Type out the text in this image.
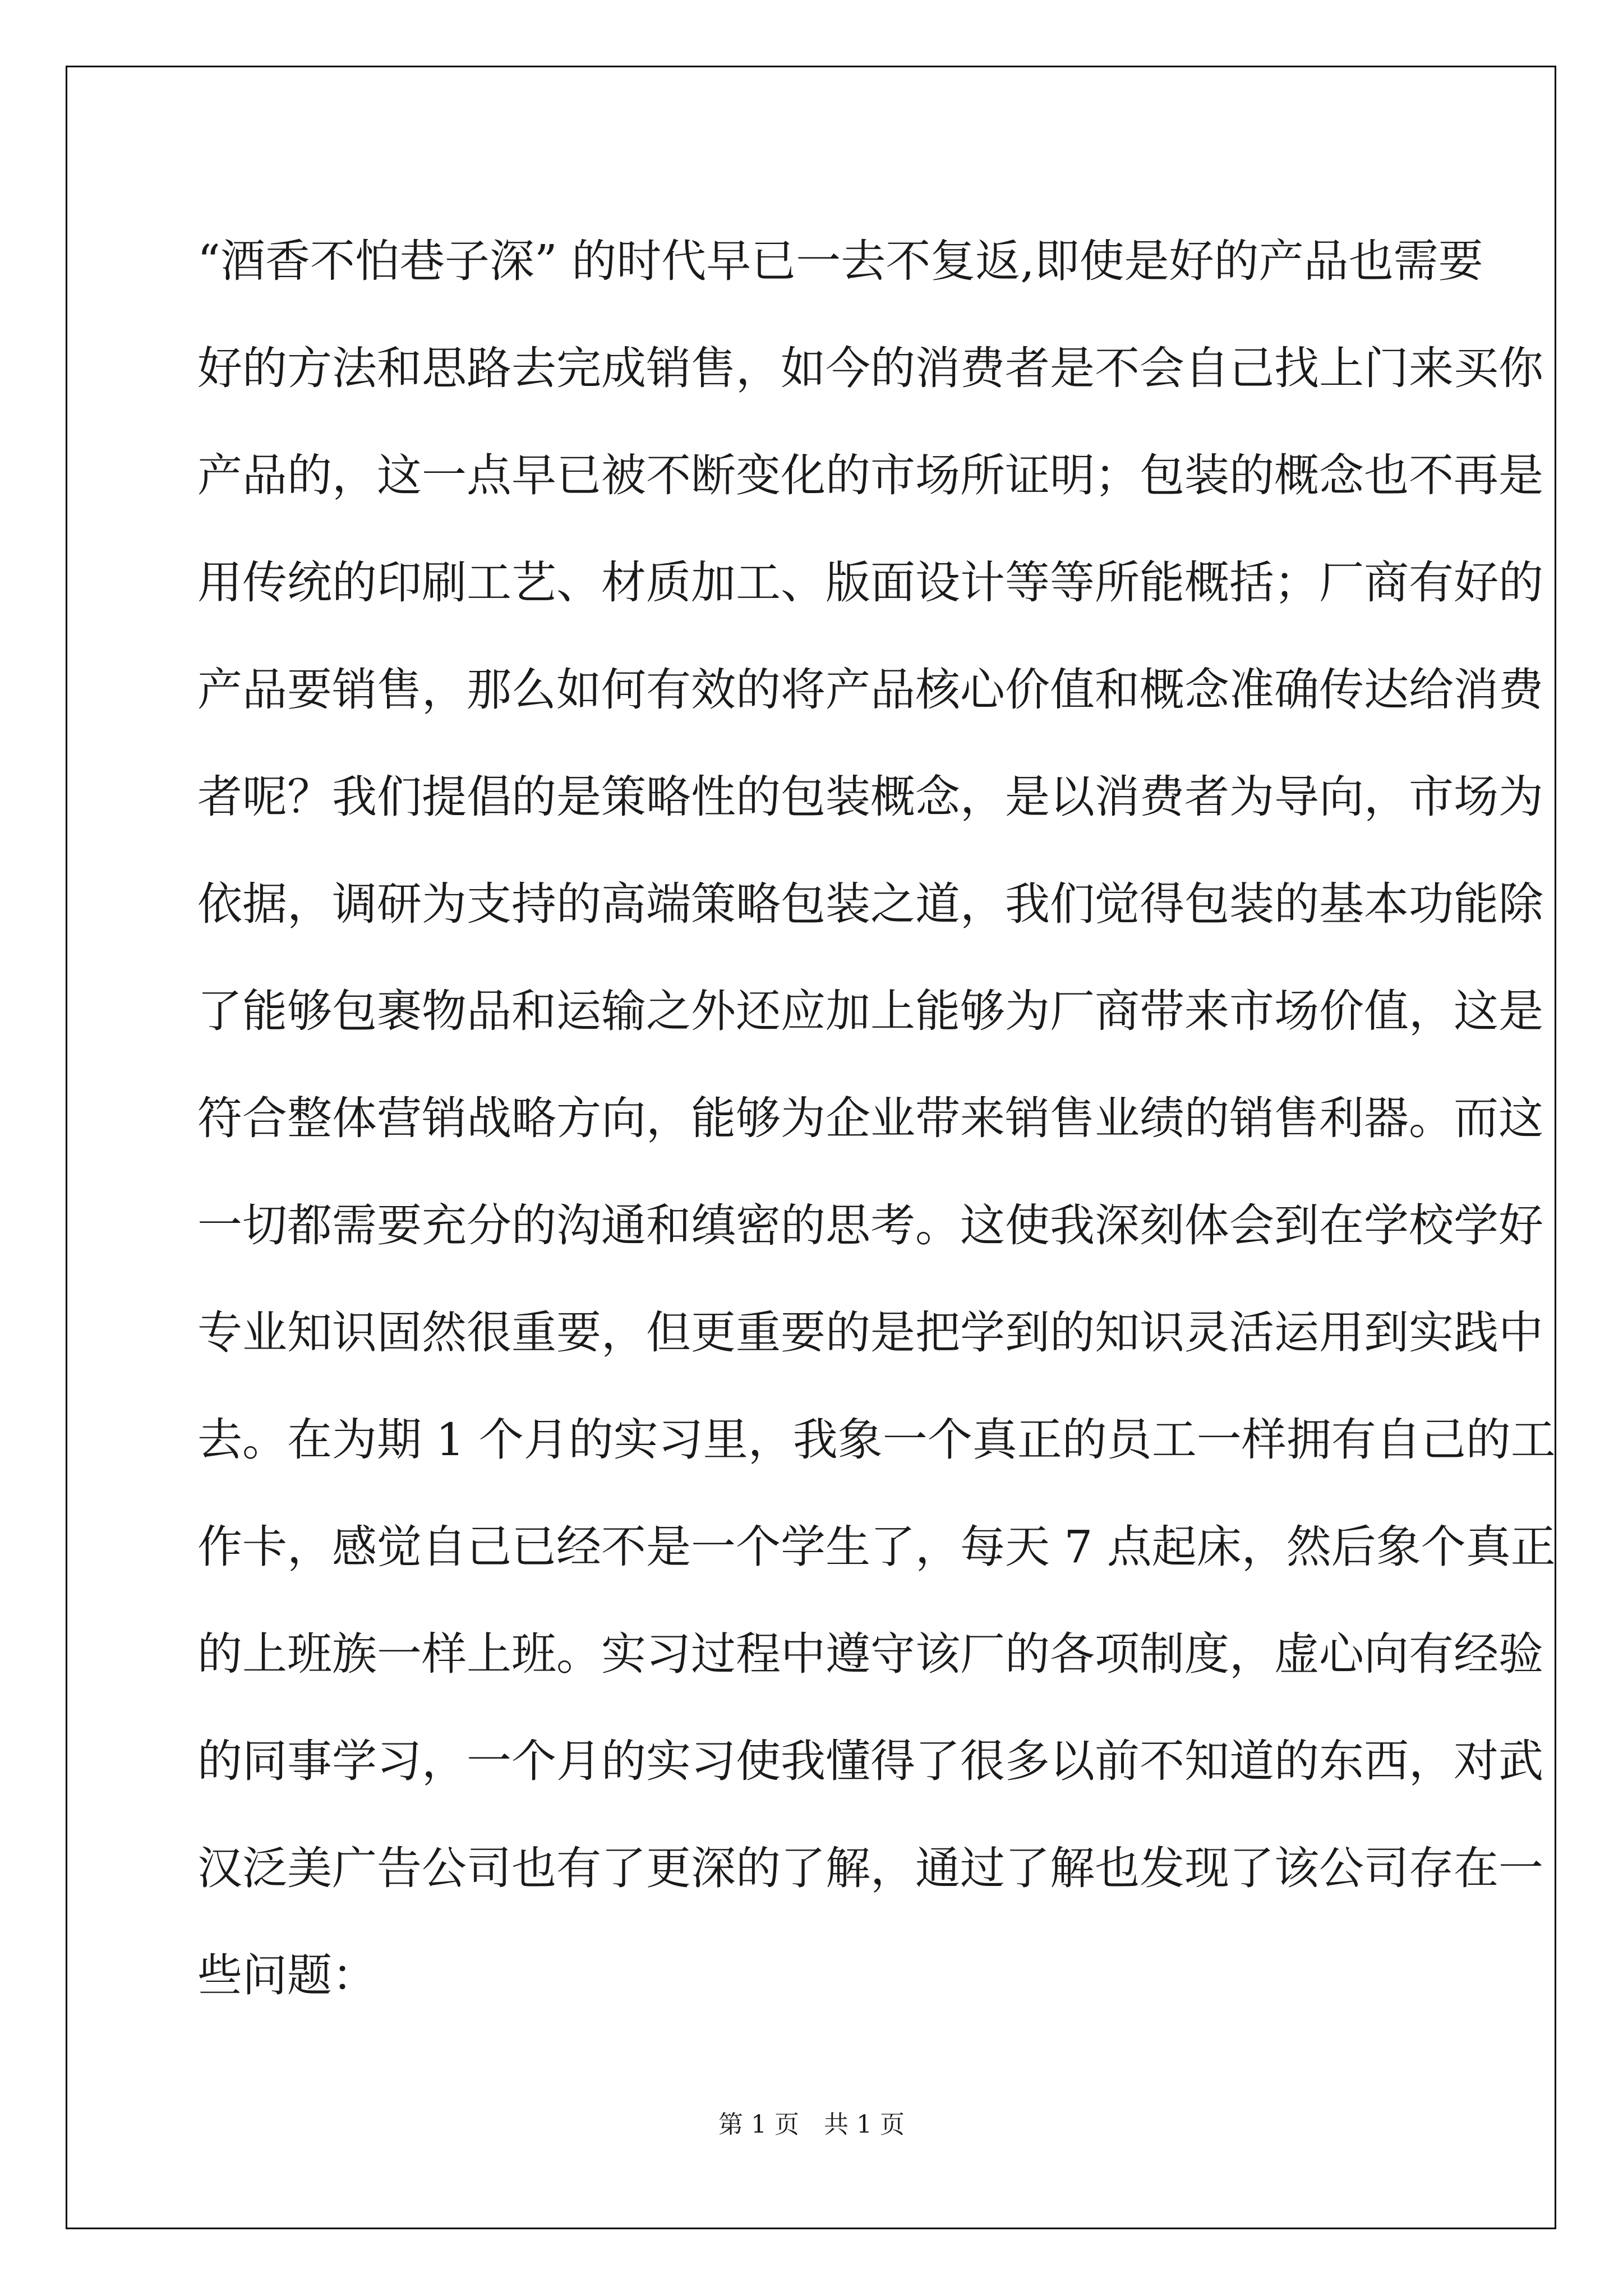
“酒香不怕巷子深” 的时代早已一去不复返,即使是好的产品也需要
好的方法和思路去完成销售，如今的消费者是不会自己找上门来买你
产品的，这一点早已被不断变化的市场所证明；包装的概念也不再是
用传统的印刷工艺、材质加工、版面设计等等所能概括；厂商有好的
产品要销售，那么如何有效的将产品核心价值和概念准确传达给消费
者呢？我们提倡的是策略性的包装概念，是以消费者为导向，市场为
依据，调研为支持的高端策略包装之道，我们觉得包装的基本功能除
了能够包裹物品和运输之外还应加上能够为厂商带来市场价值，这是
符合整体营销战略方向，能够为企业带来销售业绩的销售利器。而这
一切都需要充分的沟通和缜密的思考。这使我深刻体会到在学校学好
专业知识固然很重要，但更重要的是把学到的知识灵活运用到实践中
去。在为期 1 个月的实习里，我象一个真正的员工一样拥有自己的工
作卡，感觉自己已经不是一个学生了，每天 7 点起床，然后象个真正
的上班族一样上班。实习过程中遵守该厂的各项制度，虚心向有经验
的同事学习，一个月的实习使我懂得了很多以前不知道的东西，对武
汉泛美广告公司也有了更深的了解，通过了解也发现了该公司存在一
些问题：
第 1 页 共 1 页
